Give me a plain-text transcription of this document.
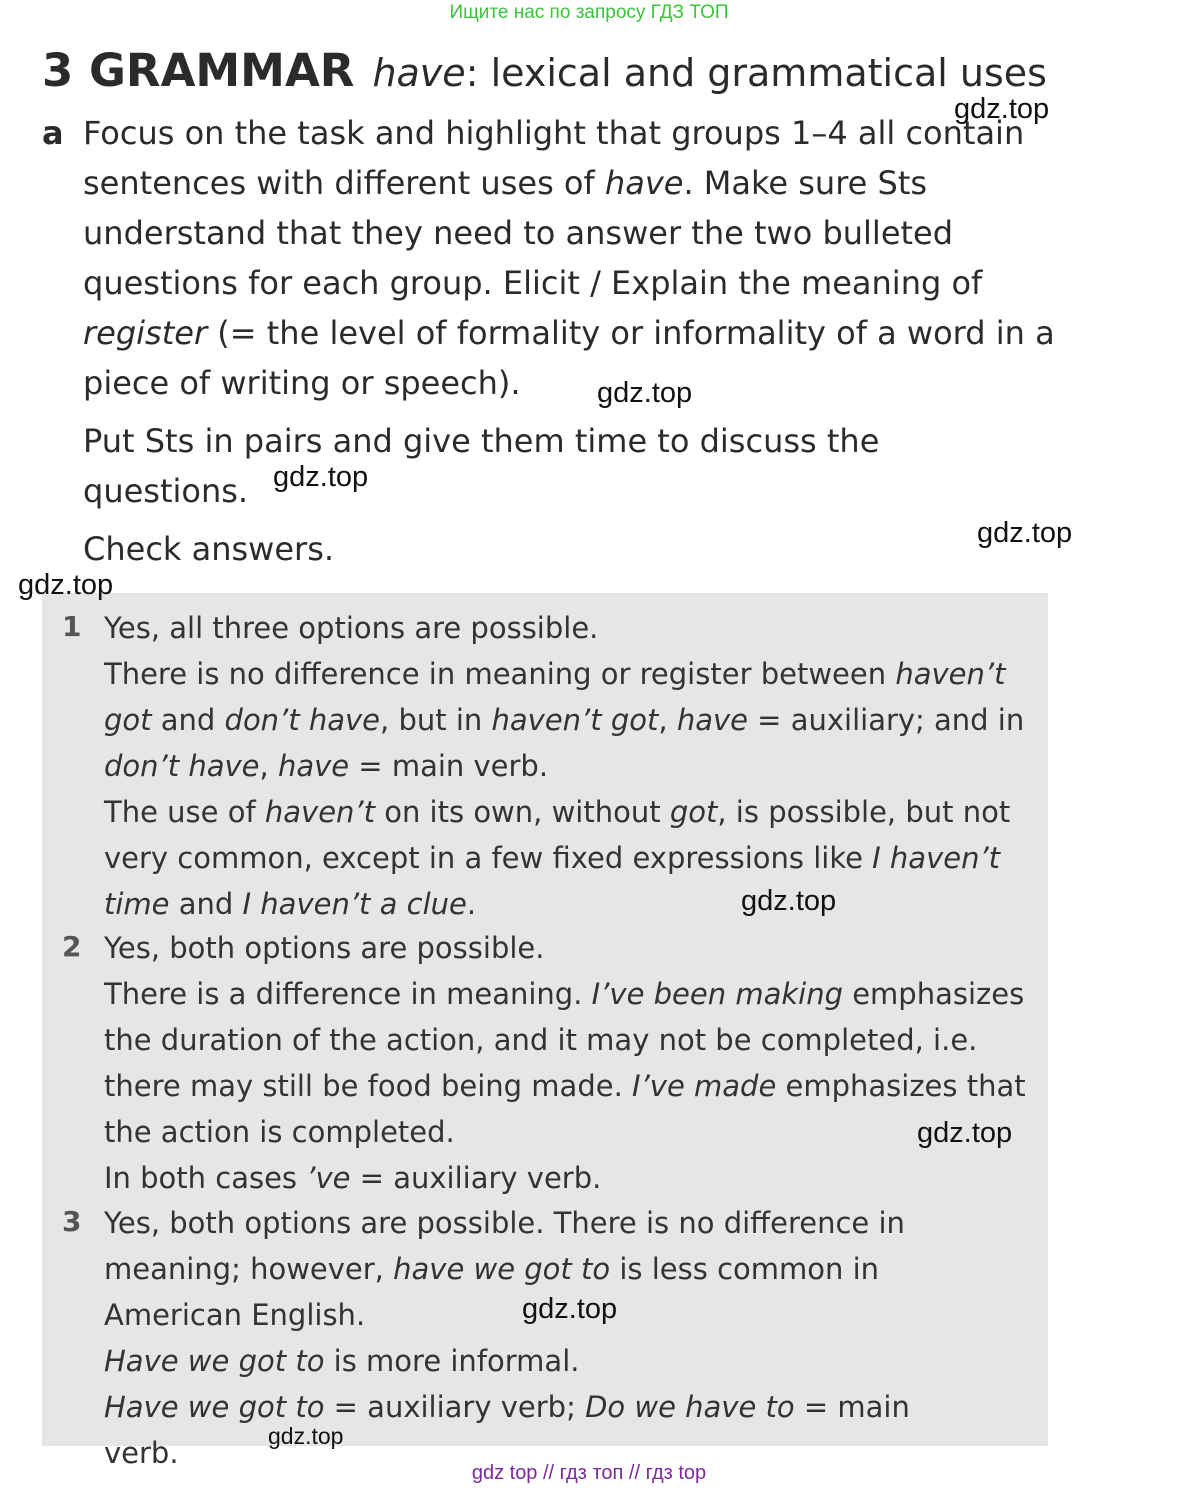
Ищите нас по запросу ГДЗ ТОП
3 GRAMMAR have: lexical and grammatical uses
a Focus on the task and highlight that groups 1–4 all contain sentences with different uses of have. Make sure Sts understand that they need to answer the two bulleted questions for each group. Elicit / Explain the meaning of register (= the level of formality or informality of a word in a piece of writing or speech).

Put Sts in pairs and give them time to discuss the questions.

Check answers.

1 Yes, all three options are possible.

There is no difference in meaning or register between haven’t got and don’t have, but in haven’t got, have = auxiliary; and in don’t have, have = main verb.

The use of haven’t on its own, without got, is possible, but not very common, except in a few fixed expressions like I haven’t time and I haven’t a clue.

2 Yes, both options are possible.

There is a difference in meaning. I’ve been making emphasizes the duration of the action, and it may not be completed, i.e. there may still be food being made. I’ve made emphasizes that the action is completed.

In both cases ’ve = auxiliary verb.

3 Yes, both options are possible. There is no difference in meaning; however, have we got to is less common in American English.

Have we got to is more informal.

Have we got to = auxiliary verb; Do we have to = main verb.

gdz.top
gdz.top
gdz.top
gdz.top
gdz.top
gdz.top
gdz.top
gdz.top
gdz.top
gdz top // гдз топ // гдз top
